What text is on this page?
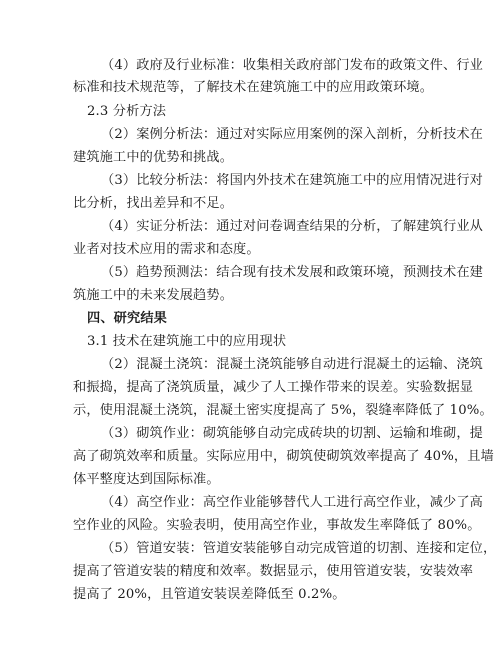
（4）政府及行业标准：收集相关政府部门发布的政策文件、行业
标准和技术规范等，了解技术在建筑施工中的应用政策环境。
2.3 分析方法
（2）案例分析法：通过对实际应用案例的深入剖析，分析技术在
建筑施工中的优势和挑战。
（3）比较分析法：将国内外技术在建筑施工中的应用情况进行对
比分析，找出差异和不足。
（4）实证分析法：通过对问卷调查结果的分析，了解建筑行业从
业者对技术应用的需求和态度。
（5）趋势预测法：结合现有技术发展和政策环境，预测技术在建
筑施工中的未来发展趋势。
四、研究结果
3.1 技术在建筑施工中的应用现状
（2）混凝土浇筑：混凝土浇筑能够自动进行混凝土的运输、浇筑
和振捣，提高了浇筑质量，减少了人工操作带来的误差。实验数据显
示，使用混凝土浇筑，混凝土密实度提高了 5%，裂缝率降低了 10%。
（3）砌筑作业：砌筑能够自动完成砖块的切割、运输和堆砌，提
高了砌筑效率和质量。实际应用中，砌筑使砌筑效率提高了 40%，且墙
体平整度达到国际标准。
（4）高空作业：高空作业能够替代人工进行高空作业，减少了高
空作业的风险。实验表明，使用高空作业，事故发生率降低了 80%。
（5）管道安装：管道安装能够自动完成管道的切割、连接和定位，
提高了管道安装的精度和效率。数据显示，使用管道安装，安装效率
提高了 20%，且管道安装误差降低至 0.2%。
